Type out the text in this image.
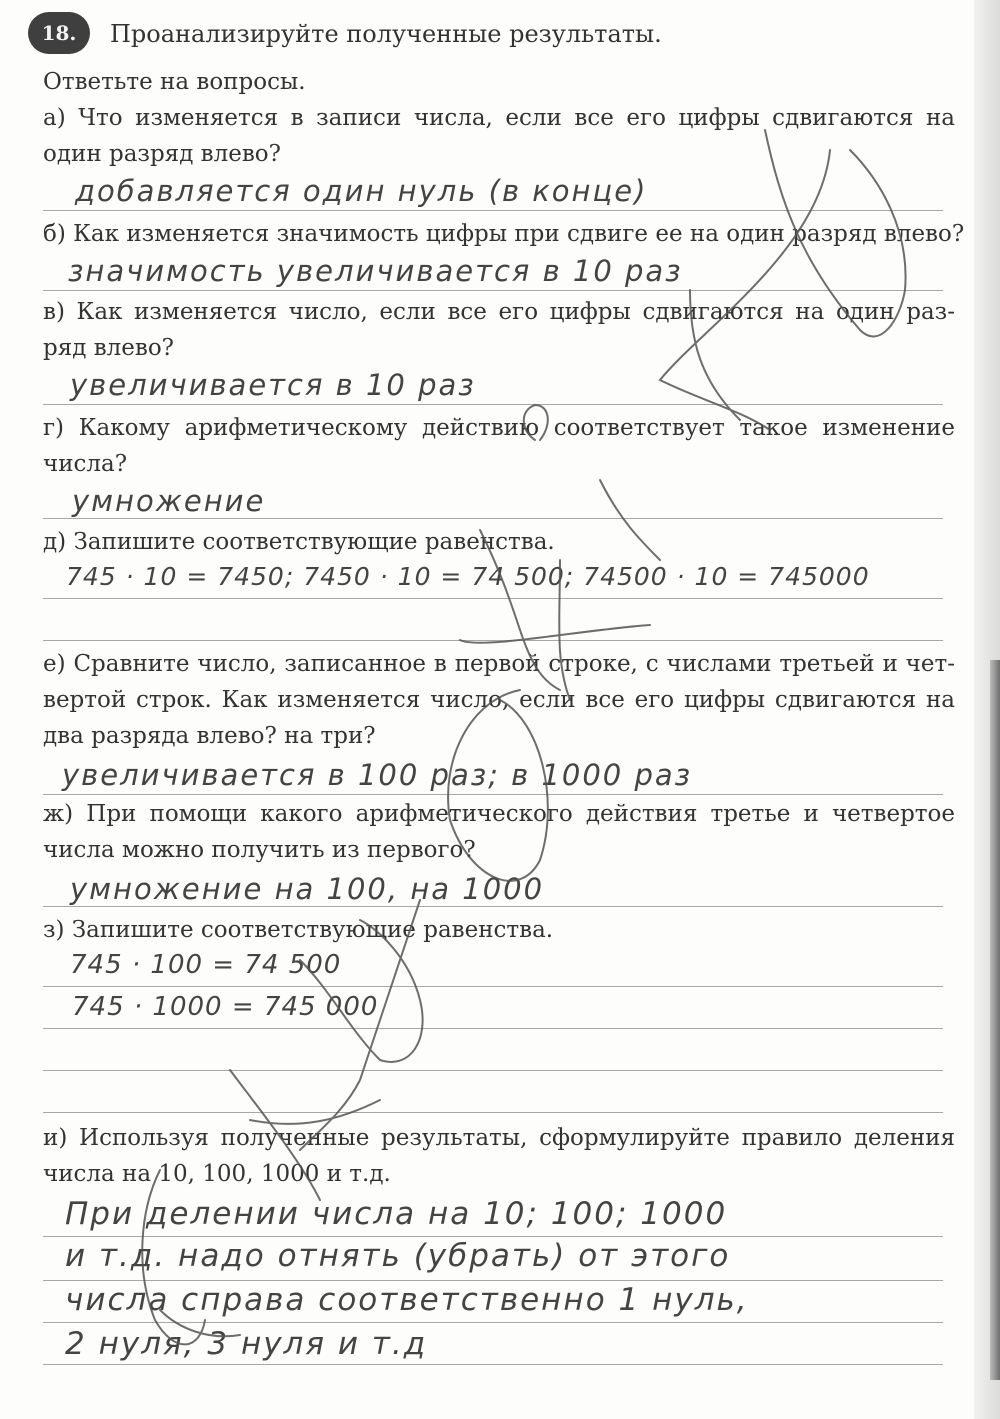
18.	Проанализируйте полученные результаты.
Ответьте на вопросы.
а) Что изменяется в записи числа, если все его цифры сдвигаются на
один разряд влево?
добавляется один нуль (в конце)
б) Как изменяется значимость цифры при сдвиге ее на один разряд влево?
значимость увеличивается в 10 раз
в) Как изменяется число, если все его цифры сдвигаются на один раз-
ряд влево?
увеличивается в 10 раз
г) Какому арифметическому действию соответствует такое изменение
числа?
умножение
д) Запишите соответствующие равенства.
745 · 10 = 7450; 7450 · 10 = 74 500; 74500 · 10 = 745000
е) Сравните число, записанное в первой строке, с числами третьей и чет-
вертой строк. Как изменяется число, если все его цифры сдвигаются на
два разряда влево? на три?
увеличивается в 100 раз; в 1000 раз
ж) При помощи какого арифметического действия третье и четвертое
числа можно получить из первого?
умножение на 100, на 1000
з) Запишите соответствующие равенства.
745 · 100 = 74 500
745 · 1000 = 745 000
и) Используя полученные результаты, сформулируйте правило деления
числа на 10, 100, 1000 и т.д.
При делении числа на 10; 100; 1000
и т.д. надо отнять (убрать) от этого
числа справа соответственно 1 нуль,
2 нуля, 3 нуля и т.д
